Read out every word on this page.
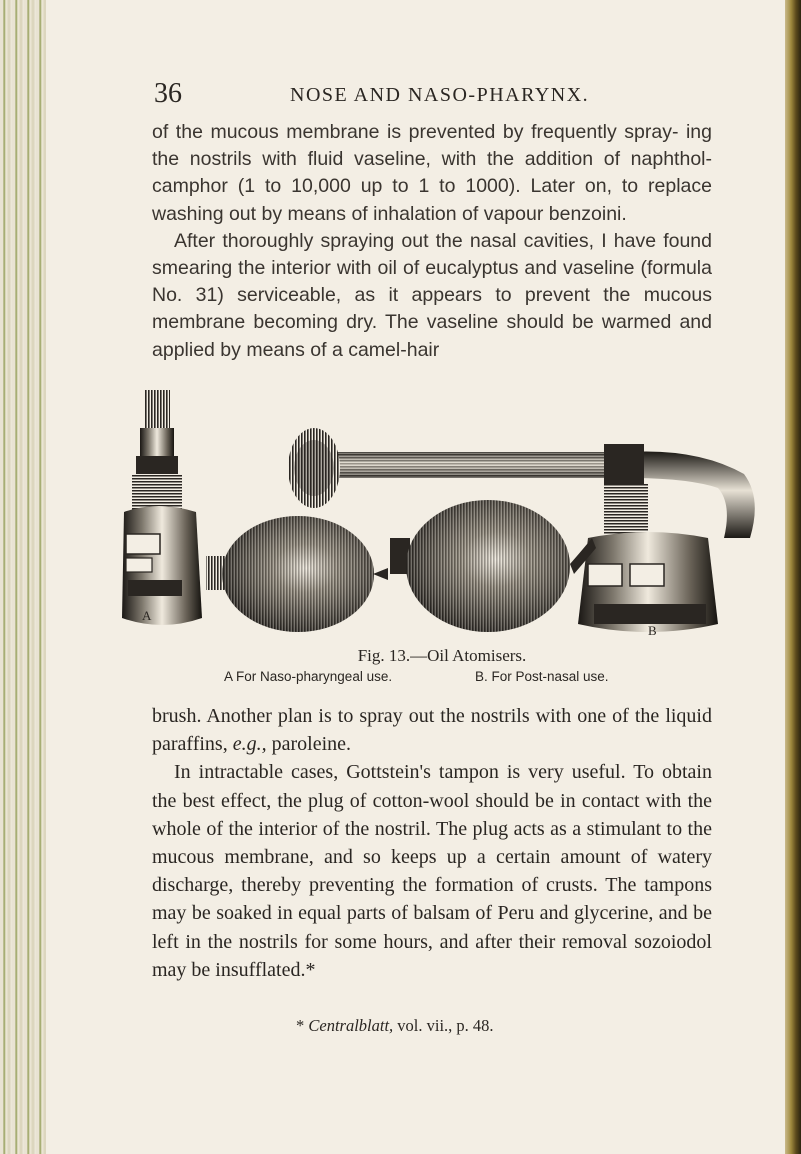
36	NOSE AND NASO-PHARYNX.

of the mucous membrane is prevented by frequently spray- ing the nostrils with fluid vaseline, with the addition of naphthol-camphor (1 to 10,000 up to 1 to 1000). Later on, to replace washing out by means of inhalation of vapour benzoini.

After thoroughly spraying out the nasal cavities, I have found smearing the interior with oil of eucalyptus and vaseline (formula No. 31) serviceable, as it appears to prevent the mucous membrane becoming dry. The vaseline should be warmed and applied by means of a camel-hair

A
B
Fig. 13.—Oil Atomisers.
A For Naso-pharyngeal use.	B. For Post-nasal use.

brush. Another plan is to spray out the nostrils with one of the liquid paraffins, e.g., paroleine.

In intractable cases, Gottstein's tampon is very useful. To obtain the best effect, the plug of cotton-wool should be in contact with the whole of the interior of the nostril. The plug acts as a stimulant to the mucous membrane, and so keeps up a certain amount of watery discharge, thereby preventing the formation of crusts. The tampons may be soaked in equal parts of balsam of Peru and glycerine, and be left in the nostrils for some hours, and after their removal sozoiodol may be insufflated.*

* Centralblatt, vol. vii., p. 48.
